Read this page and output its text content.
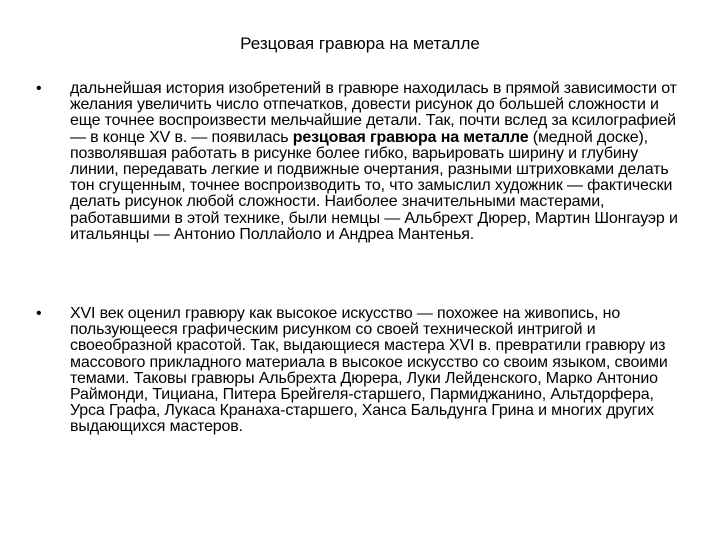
Резцовая гравюра на металле
• дальнейшая история изобретений в гравюре находилась в прямой зависимости от желания увеличить число отпечатков, довести рисунок до большей сложности и еще точнее воспроизвести мельчайшие детали. Так, почти вслед за ксилографией — в конце XV в. — появилась резцовая гравюра на металле (медной доске), позволявшая работать в рисунке более гибко, варьировать ширину и глубину линии, передавать легкие и подвижные очертания, разными штриховками делать тон сгущенным, точнее воспроизводить то, что замыслил художник — фактически делать рисунок любой сложности. Наиболее значительными мастерами, работавшими в этой технике, были немцы — Альбрехт Дюрер, Мартин Шонгауэр и итальянцы — Антонио Поллайоло и Андреа Мантенья.

• XVI век оценил гравюру как высокое искусство — похожее на живопись, но пользующееся графическим рисунком со своей технической интригой и своеобразной красотой. Так, выдающиеся мастера XVI в. превратили гравюру из массового прикладного материала в высокое искусство со своим языком, своими темами. Таковы гравюры Альбрехта Дюрера, Луки Лейденского, Марко Антонио Раймонди, Тициана, Питера Брейгеля-старшего, Пармиджанино, Альтдорфера, Урса Графа, Лукаса Кранаха-старшего, Ханса Бальдунга Грина и многих других выдающихся мастеров.
